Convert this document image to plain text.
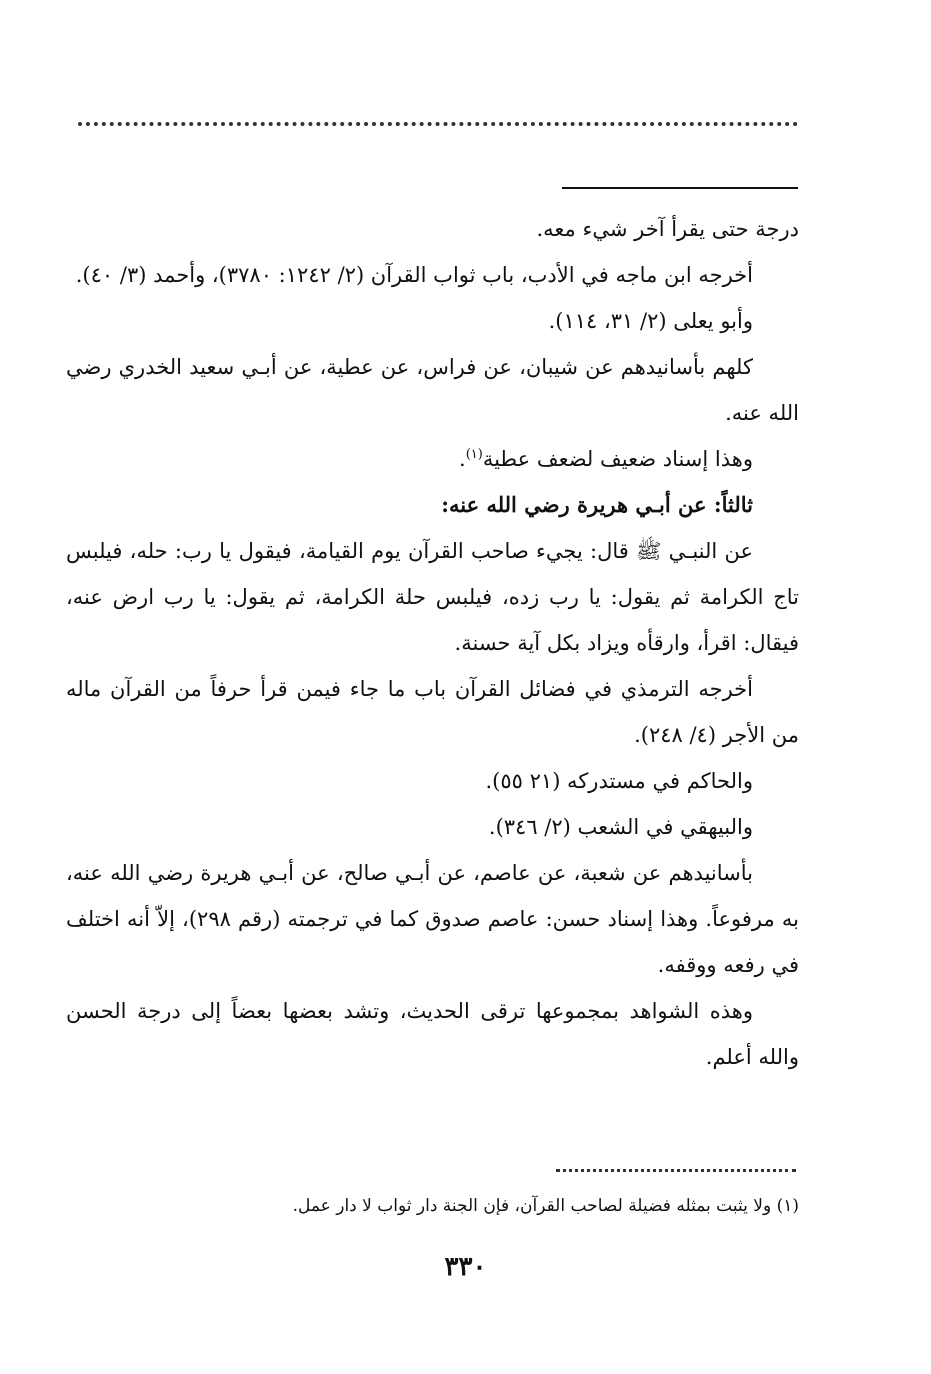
درجة حتى يقرأ آخر شيء معه.

أخرجه ابن ماجه في الأدب، باب ثواب القرآن (٢/ ١٢٤٢: ٣٧٨٠)، وأحمد (٣/ ٤٠).

وأبو يعلى (٢/ ٣١، ١١٤).

كلهم بأسانيدهم عن شيبان، عن فراس، عن عطية، عن أبـي سعيد الخدري رضي الله عنه.

وهذا إسناد ضعيف لضعف عطية$^{(١)}$.

ثالثاً: عن أبـي هريرة رضي الله عنه:

عن النبـي ﷺ قال: يجيء صاحب القرآن يوم القيامة، فيقول يا رب: حله، فيلبس تاج الكرامة ثم يقول: يا رب زده، فيلبس حلة الكرامة، ثم يقول: يا رب ارض عنه، فيقال: اقرأ، وارقأه ويزاد بكل آية حسنة.

أخرجه الترمذي في فضائل القرآن باب ما جاء فيمن قرأ حرفاً من القرآن ماله من الأجر (٤/ ٢٤٨).

والحاكم في مستدركه (٢١ ٥٥).

والبيهقي في الشعب (٢/ ٣٤٦).

بأسانيدهم عن شعبة، عن عاصم، عن أبـي صالح، عن أبـي هريرة رضي الله عنه، به مرفوعاً. وهذا إسناد حسن: عاصم صدوق كما في ترجمته (رقم ٢٩٨)، إلاّ أنه اختلف في رفعه ووقفه.

وهذه الشواهد بمجموعها ترقى الحديث، وتشد بعضها بعضاً إلى درجة الحسن والله أعلم.

(١) ولا يثبت بمثله فضيلة لصاحب القرآن، فإن الجنة دار ثواب لا دار عمل.
٣٣٠
